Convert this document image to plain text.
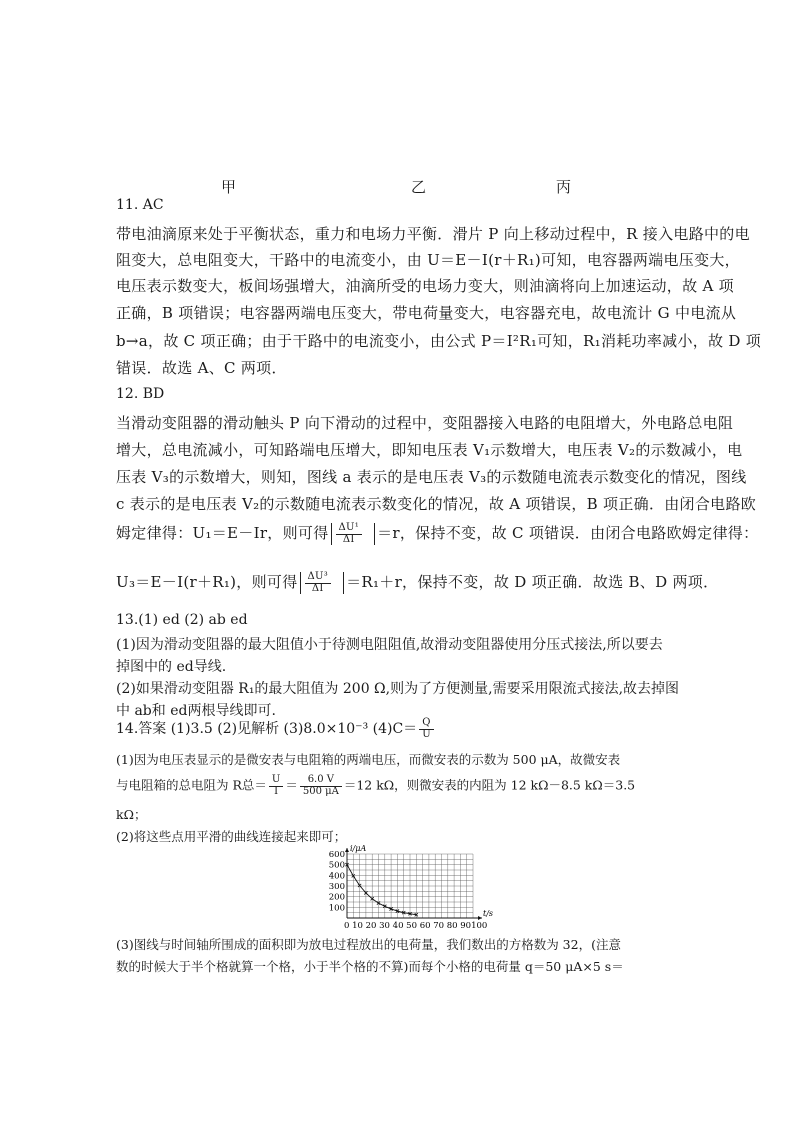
甲	乙	丙
11. AC
带电油滴原来处于平衡状态，重力和电场力平衡．滑片 P 向上移动过程中，R 接入电路中的电
阻变大，总电阻变大，干路中的电流变小，由 U＝E－I(r＋R₁)可知，电容器两端电压变大，
电压表示数变大，板间场强增大，油滴所受的电场力变大，则油滴将向上加速运动，故 A 项
正确，B 项错误；电容器两端电压变大，带电荷量变大，电容器充电，故电流计 G 中电流从
b→a，故 C 项正确；由于干路中的电流变小，由公式 P＝I²R₁可知，R₁消耗功率减小，故 D 项
错误．故选 A、C 两项．
12. BD
当滑动变阻器的滑动触头 P 向下滑动的过程中，变阻器接入电路的电阻增大，外电路总电阻
增大，总电流减小，可知路端电压增大，即知电压表 V₁示数增大，电压表 V₂的示数减小，电
压表 V₃的示数增大，则知，图线 a 表示的是电压表 V₃的示数随电流表示数变化的情况，图线
c 表示的是电压表 V₂的示数随电流表示数变化的情况，故 A 项错误，B 项正确．由闭合电路欧
姆定律得：U₁＝E－Ir，则可得 $\frac{\text{ΔU¹}}{\Delta I} =r$，保持不变，故 C 项错误．由闭合电路欧姆定律得：
U₃＝E－I(r＋R₁)，则可得 $\frac{\text{ΔU³}}{\Delta I} =R_1+r$，保持不变，故 D 项正确．故选 B、D 两项．
13.(1) ed (2) ab ed
(1)因为滑动变阻器的最大阻值小于待测电阻阻值,故滑动变阻器使用分压式接法,所以要去
掉图中的 ed导线.
(2)如果滑动变阻器 R₁的最大阻值为 200 Ω,则为了方便测量,需要采用限流式接法,故去掉图
中 ab和 ed两根导线即可.
14.答案 (1)3.5 (2)见解析 (3)8.0×10⁻³ $(4)C= \frac{Q}{U}$
(1)因为电压表显示的是微安表与电阻箱的两端电压，而微安表的示数为 500 μA，故微安表
与电阻箱的总电阻为 R总＝ $\frac{U}{I} = \frac{6.0 V}{500 \mu A} =12$ kΩ，则微安表的内阻为 12 kΩ－8.5 kΩ＝3.5
kΩ；
(2)将这些点用平滑的曲线连接起来即可；
100
200
300
400
500
600
i/μA
t/s
0 10 20 30 40 50 60 70 80 90100
(3)图线与时间轴所围成的面积即为放电过程放出的电荷量，我们数出的方格数为 32，(注意
数的时候大于半个格就算一个格，小于半个格的不算)而每个小格的电荷量 q＝50 μA×5 s＝
